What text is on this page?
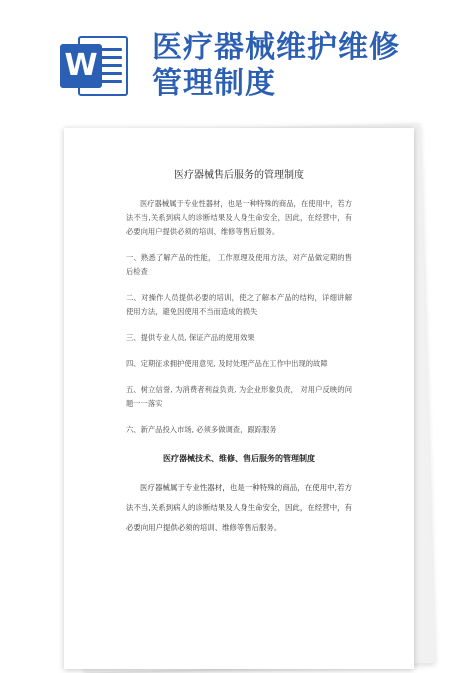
W
医疗器械维护维修
管理制度
医疗器械售后服务的管理制度

医疗器械属于专业性器材，也是一种特殊的商品，在使用中，若方法不当,关系到病人的诊断结果及人身生命安全，因此，在经营中，有必要向用户提供必须的培训、维修等售后服务。

一、熟悉了解产品的性能， 工作原理及使用方法，对产品做定期的售后检查

二、对操作人员提供必要的培训，使之了解本产品的结构，详细讲解使用方法，避免因使用不当而造成的损失

三、提供专业人员, 保证产品的使用效果

四、定期征求拥护使用意见, 及时处理产品在工作中出现的故障

五、树立信誉, 为消费者利益负责, 为企业形象负责， 对用户反映的问题一一落实

六、新产品投入市场, 必须多做调查，跟踪服务

医疗器械技术、维修、售后服务的管理制度

医疗器械属于专业性器材，也是一种特殊的商品，在使用中,若方法不当,关系到病人的诊断结果及人身生命安全，因此，在经营中，有必要向用户提供必须的培训、维修等售后服务。
